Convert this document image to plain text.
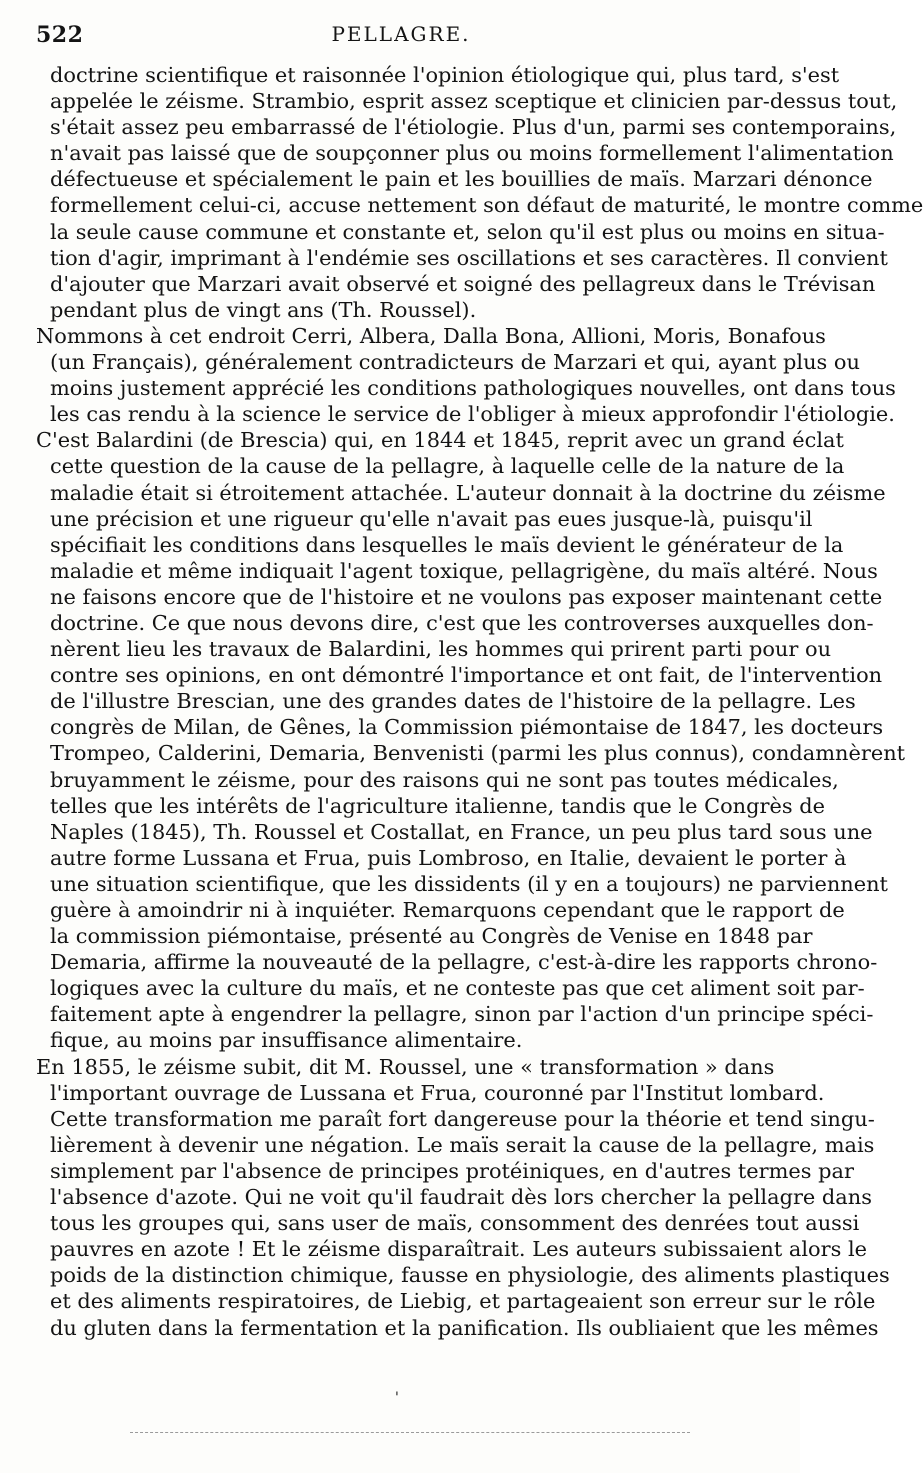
522	PELLAGRE.
doctrine scientifique et raisonnée l'opinion étiologique qui, plus tard, s'est
appelée le zéisme. Strambio, esprit assez sceptique et clinicien par-dessus tout,
s'était assez peu embarrassé de l'étiologie. Plus d'un, parmi ses contemporains,
n'avait pas laissé que de soupçonner plus ou moins formellement l'alimentation
défectueuse et spécialement le pain et les bouillies de maïs. Marzari dénonce
formellement celui-ci, accuse nettement son défaut de maturité, le montre comme
la seule cause commune et constante et, selon qu'il est plus ou moins en situa-
tion d'agir, imprimant à l'endémie ses oscillations et ses caractères. Il convient
d'ajouter que Marzari avait observé et soigné des pellagreux dans le Trévisan
pendant plus de vingt ans (Th. Roussel).
Nommons à cet endroit Cerri, Albera, Dalla Bona, Allioni, Moris, Bonafous
(un Français), généralement contradicteurs de Marzari et qui, ayant plus ou
moins justement apprécié les conditions pathologiques nouvelles, ont dans tous
les cas rendu à la science le service de l'obliger à mieux approfondir l'étiologie.
C'est Balardini (de Brescia) qui, en 1844 et 1845, reprit avec un grand éclat
cette question de la cause de la pellagre, à laquelle celle de la nature de la
maladie était si étroitement attachée. L'auteur donnait à la doctrine du zéisme
une précision et une rigueur qu'elle n'avait pas eues jusque-là, puisqu'il
spécifiait les conditions dans lesquelles le maïs devient le générateur de la
maladie et même indiquait l'agent toxique, pellagrigène, du maïs altéré. Nous
ne faisons encore que de l'histoire et ne voulons pas exposer maintenant cette
doctrine. Ce que nous devons dire, c'est que les controverses auxquelles don-
nèrent lieu les travaux de Balardini, les hommes qui prirent parti pour ou
contre ses opinions, en ont démontré l'importance et ont fait, de l'intervention
de l'illustre Brescian, une des grandes dates de l'histoire de la pellagre. Les
congrès de Milan, de Gênes, la Commission piémontaise de 1847, les docteurs
Trompeo, Calderini, Demaria, Benvenisti (parmi les plus connus), condamnèrent
bruyamment le zéisme, pour des raisons qui ne sont pas toutes médicales,
telles que les intérêts de l'agriculture italienne, tandis que le Congrès de
Naples (1845), Th. Roussel et Costallat, en France, un peu plus tard sous une
autre forme Lussana et Frua, puis Lombroso, en Italie, devaient le porter à
une situation scientifique, que les dissidents (il y en a toujours) ne parviennent
guère à amoindrir ni à inquiéter. Remarquons cependant que le rapport de
la commission piémontaise, présenté au Congrès de Venise en 1848 par
Demaria, affirme la nouveauté de la pellagre, c'est-à-dire les rapports chrono-
logiques avec la culture du maïs, et ne conteste pas que cet aliment soit par-
faitement apte à engendrer la pellagre, sinon par l'action d'un principe spéci-
fique, au moins par insuffisance alimentaire.
En 1855, le zéisme subit, dit M. Roussel, une « transformation » dans
l'important ouvrage de Lussana et Frua, couronné par l'Institut lombard.
Cette transformation me paraît fort dangereuse pour la théorie et tend singu-
lièrement à devenir une négation. Le maïs serait la cause de la pellagre, mais
simplement par l'absence de principes protéiniques, en d'autres termes par
l'absence d'azote. Qui ne voit qu'il faudrait dès lors chercher la pellagre dans
tous les groupes qui, sans user de maïs, consomment des denrées tout aussi
pauvres en azote ! Et le zéisme disparaîtrait. Les auteurs subissaient alors le
poids de la distinction chimique, fausse en physiologie, des aliments plastiques
et des aliments respiratoires, de Liebig, et partageaient son erreur sur le rôle
du gluten dans la fermentation et la panification. Ils oubliaient que les mêmes
'
